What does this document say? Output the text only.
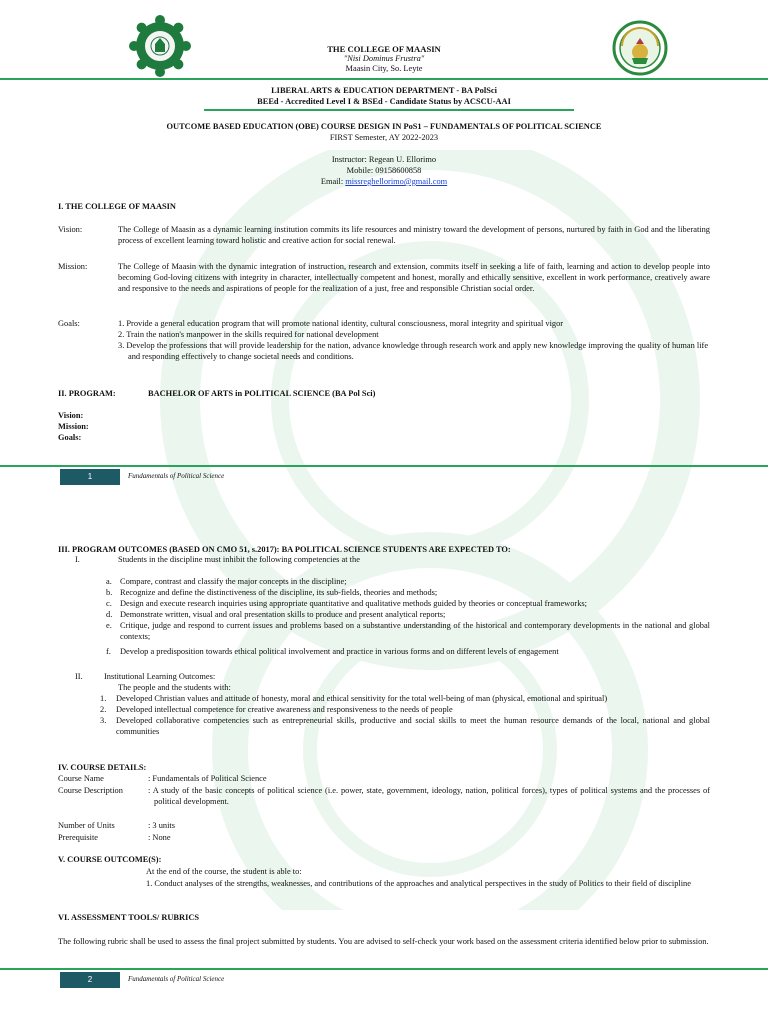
THE COLLEGE OF MAASIN
"Nisi Dominus Frustra"
Maasin City, So. Leyte
LIBERAL ARTS & EDUCATION DEPARTMENT - BA PolSci
BEEd - Accredited Level I & BSEd - Candidate Status by ACSCU-AAI
OUTCOME BASED EDUCATION (OBE) COURSE DESIGN IN PoS1 – FUNDAMENTALS OF POLITICAL SCIENCE
FIRST Semester, AY 2022-2023
Instructor: Regean U. Ellorimo
Mobile: 09158600858
Email: missreghellorimo@gmail.com
I. THE COLLEGE OF MAASIN
Vision:	The College of Maasin as a dynamic learning institution commits its life resources and ministry toward the development of persons, nurtured by faith in God and the liberating process of excellent learning toward holistic and creative action for social renewal.
Mission:	The College of Maasin with the dynamic integration of instruction, research and extension, commits itself in seeking a life of faith, learning and action to develop people into becoming God-loving citizens with integrity in character, intellectually competent and honest, morally and ethically sensitive, excellent in work performance, creatively aware and responsive to the needs and aspirations of people for the realization of a just, free and responsible Christian social order.
Goals:	1. Provide a general education program that will promote national identity, cultural consciousness, moral integrity and spiritual vigor
2. Train the nation's manpower in the skills required for national development
3. Develop the professions that will provide leadership for the nation, advance knowledge through research work and apply new knowledge improving the quality of human life and responding effectively to change societal needs and conditions.
II. PROGRAM:	BACHELOR OF ARTS in POLITICAL SCIENCE (BA Pol Sci)
Vision:
Mission:
Goals:
1	Fundamentals of Political Science
III. PROGRAM OUTCOMES (BASED ON CMO 51, s.2017): BA POLITICAL SCIENCE STUDENTS ARE EXPECTED TO:
I.	Students in the discipline must inhibit the following competencies at the
a. Compare, contrast and classify the major concepts in the discipline;
b. Recognize and define the distinctiveness of the discipline, its sub-fields, theories and methods;
c. Design and execute research inquiries using appropriate quantitative and qualitative methods guided by theories or conceptual frameworks;
d. Demonstrate written, visual and oral presentation skills to produce and present analytical reports;
e. Critique, judge and respond to current issues and problems based on a substantive understanding of the historical and contemporary developments in the national and global contexts;
f.	Develop a predisposition towards ethical political involvement and practice in various forms and on different levels of engagement
II.	Institutional Learning Outcomes:
The people and the students with:
1.	Developed Christian values and attitude of honesty, moral and ethical sensitivity for the total well-being of man (physical, emotional and spiritual)
2.	Developed intellectual competence for creative awareness and responsiveness to the needs of people
3.	Developed collaborative competencies such as entrepreneurial skills, productive and social skills to meet the human resource demands of the local, national and global communities
IV. COURSE DETAILS:
Course Name	: Fundamentals of Political Science
Course Description	: A study of the basic concepts of political science (i.e. power, state, government, ideology, nation, political forces), types of political systems and the processes of political development.
Number of Units	: 3 units
Prerequisite	: None
V. COURSE OUTCOME(S):
At the end of the course, the student is able to:
1. Conduct analyses of the strengths, weaknesses, and contributions of the approaches and analytical perspectives in the study of Politics to their field of discipline
VI. ASSESSMENT TOOLS/ RUBRICS
The following rubric shall be used to assess the final project submitted by students. You are advised to self-check your work based on the assessment criteria identified below prior to submission.
2	Fundamentals of Political Science
